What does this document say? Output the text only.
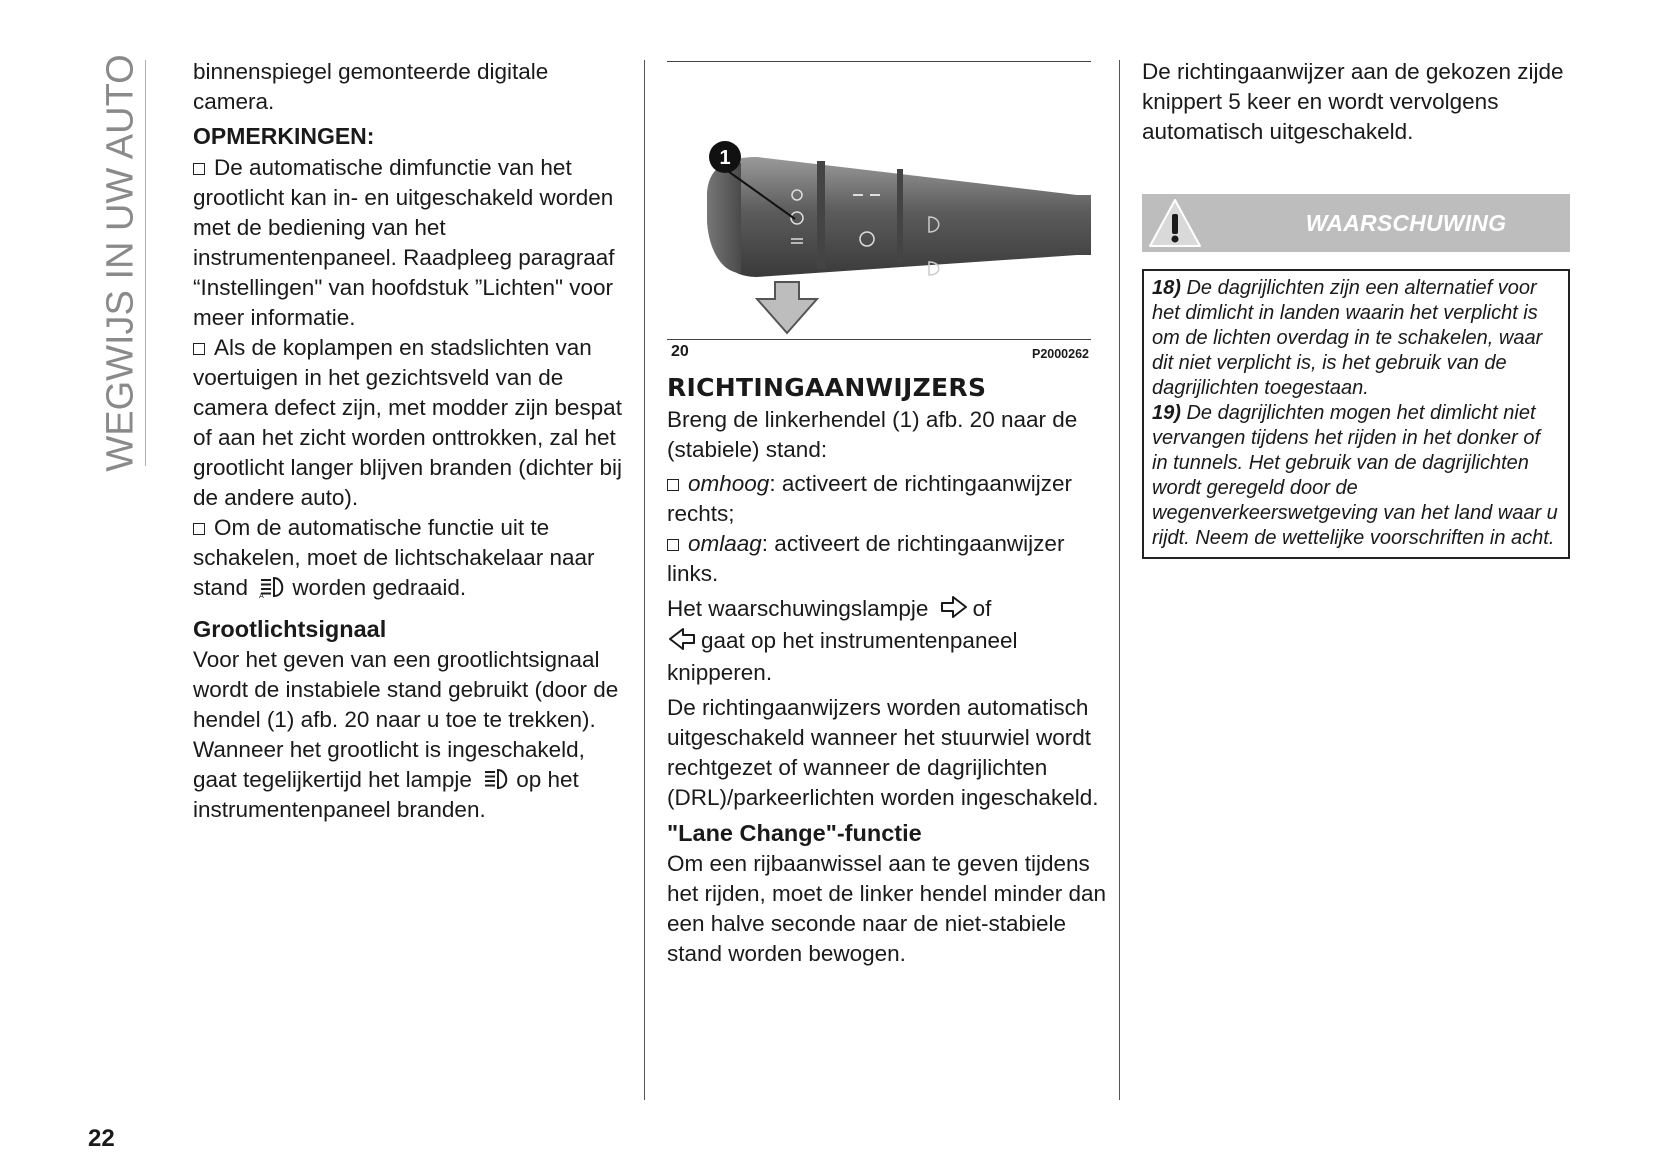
WEGWIJS IN UW AUTO binnenspiegel gemonteerde digitale camera.

OPMERKINGEN:

De automatische dimfunctie van het grootlicht kan in- en uitgeschakeld worden met de bediening van het instrumentenpaneel. Raadpleeg paragraaf “Instellingen" van hoofdstuk ”Lichten" voor meer informatie.

Als de koplampen en stadslichten van voertuigen in het gezichtsveld van de camera defect zijn, met modder zijn bespat of aan het zicht worden onttrokken, zal het grootlicht langer blijven branden (dichter bij de andere auto).

Om de automatische functie uit te schakelen, moet de lichtschakelaar naar stand A worden gedraaid.

Grootlichtsignaal

Voor het geven van een grootlichtsignaal wordt de instabiele stand gebruikt (door de hendel (1) afb. 20 naar u toe te trekken). Wanneer het grootlicht is ingeschakeld, gaat tegelijkertijd het lampje op het instrumentenpaneel branden.

1
20	P2000262
RICHTINGAANWIJZERS

Breng de linkerhendel (1) afb. 20 naar de (stabiele) stand:

omhoog: activeert de richtingaanwijzer rechts;

omlaag: activeert de richtingaanwijzer links.

Het waarschuwingslampje of
gaat op het instrumentenpaneel knipperen.

De richtingaanwijzers worden automatisch uitgeschakeld wanneer het stuurwiel wordt rechtgezet of wanneer de dagrijlichten (DRL)/parkeerlichten worden ingeschakeld.

"Lane Change"-functie

Om een rijbaanwissel aan te geven tijdens het rijden, moet de linker hendel minder dan een halve seconde naar de niet-stabiele stand worden bewogen.

De richtingaanwijzer aan de gekozen zijde knippert 5 keer en wordt vervolgens automatisch uitgeschakeld.

WAARSCHUWING

18) De dagrijlichten zijn een alternatief voor het dimlicht in landen waarin het verplicht is om de lichten overdag in te schakelen, waar dit niet verplicht is, is het gebruik van de dagrijlichten toegestaan.

19) De dagrijlichten mogen het dimlicht niet vervangen tijdens het rijden in het donker of in tunnels. Het gebruik van de dagrijlichten wordt geregeld door de wegenverkeerswetgeving van het land waar u rijdt. Neem de wettelijke voorschriften in acht.

22
